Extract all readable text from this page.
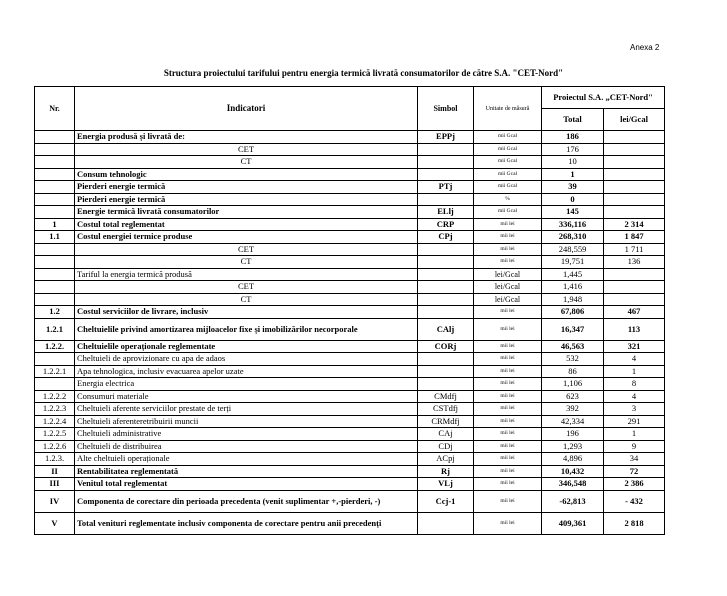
Anexa 2
Structura proiectului tarifului pentru energia termică livrată consumatorilor de către S.A. "CET-Nord"
Nr.	Indicatori	Simbol	Unitate de măsură	Proiectul S.A. „CET-Nord"	
				Total	lei/Gcal
	Energia produsă și livrată de:	EPPj	mii Gcal	186	
	CET		mii Gcal	176	
	CT		mii Gcal	10	
	Consum tehnologic		mii Gcal	1	
	Pierderi energie termică	PTj	mii Gcal	39	
	Pierderi energie termică		%	0	
	Energie termică livrată consumatorilor	ELlj	mii Gcal	145	
1	Costul total reglementat	CRP	mii lei	336,116	2 314
1.1	Costul energiei termice produse	CPj	mii lei	268,310	1 847
	CET		mii lei	248,559	1 711
	CT		mii lei	19,751	136
	Tariful la energia termică produsă		lei/Gcal	1,445	
	CET		lei/Gcal	1,416	
	CT		lei/Gcal	1,948	
1.2	Costul serviciilor de livrare, inclusiv		mii lei	67,806	467
1.2.1	Cheltuielile privind amortizarea mijloacelor fixe și imobilizărilor necorporale	CAlj	mii lei	16,347	113
1.2.2.	Cheltuielile operaționale reglementate	CORj	mii lei	46,563	321
	Cheltuieli de aprovizionare cu apa de adaos		mii lei	532	4
1.2.2.1	Apa tehnologica, inclusiv evacuarea apelor uzate		mii lei	86	1
	Energia electrica		mii lei	1,106	8
1.2.2.2	Consumuri materiale	CMdfj	mii lei	623	4
1.2.2.3	Cheltuieli aferente serviciilor prestate de terți	CSTdfj	mii lei	392	3
1.2.2.4	Cheltuieli aferenteretribuirii muncii	CRMdfj	mii lei	42,334	291
1.2.2.5	Cheltuieli administrative	CAj	mii lei	196	1
1.2.2.6	Cheltuieli de distribuirea	CDj	mii lei	1,293	9
1.2.3.	Alte cheltuieli operaționale	ACpj	mii lei	4,896	34
II	Rentabilitatea reglementată	Rj	mii lei	10,432	72
III	Venitul total reglementat	VLj	mii lei	346,548	2 386
IV	Componenta de corectare din perioada precedenta (venit suplimentar +,-pierderi, -)	Ccj-1	mii lei	-62,813	- 432
V	Total venituri reglementate inclusiv componenta de corectare pentru anii precedenți		mii lei	409,361	2 818
